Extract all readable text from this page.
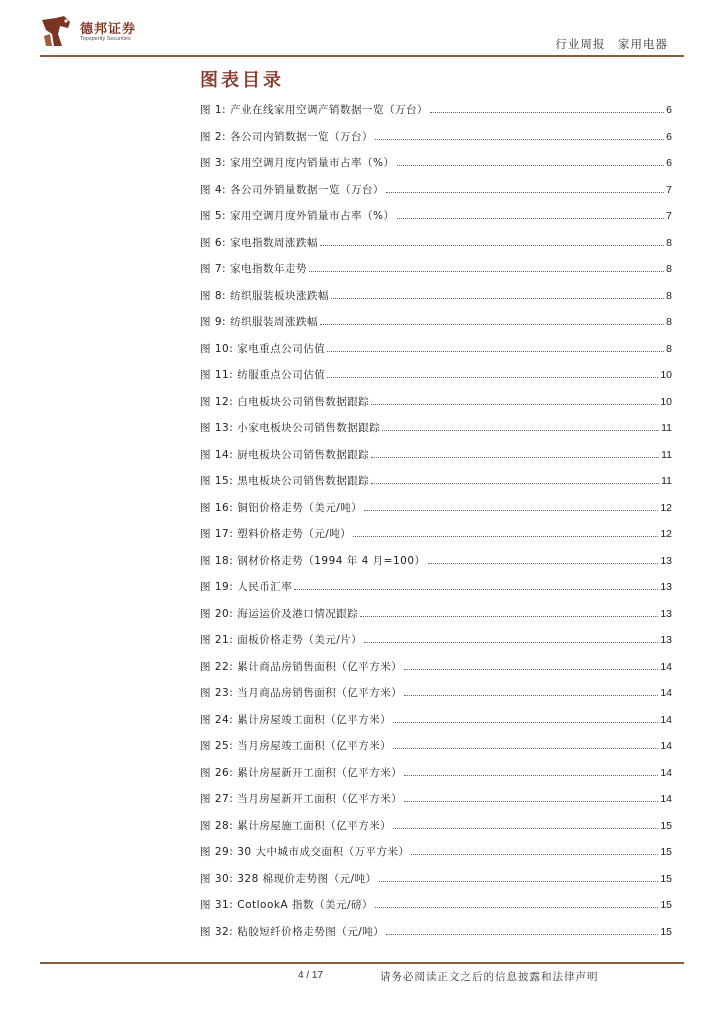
德邦证券
Topsperity Securities	行业周报 家用电器
图表目录
图 1: 产业在线家用空调产销数据一览（万台）	6
图 2: 各公司内销数据一览（万台）	6
图 3: 家用空调月度内销量市占率（%）	6
图 4: 各公司外销量数据一览（万台）	7
图 5: 家用空调月度外销量市占率（%）	7
图 6: 家电指数周涨跌幅	8
图 7: 家电指数年走势	8
图 8: 纺织服装板块涨跌幅	8
图 9: 纺织服装周涨跌幅	8
图 10: 家电重点公司估值	8
图 11: 纺服重点公司估值	10
图 12: 白电板块公司销售数据跟踪	10
图 13: 小家电板块公司销售数据跟踪	11
图 14: 厨电板块公司销售数据跟踪	11
图 15: 黑电板块公司销售数据跟踪	11
图 16: 铜铝价格走势（美元/吨）	12
图 17: 塑料价格走势（元/吨）	12
图 18: 钢材价格走势（1994 年 4 月=100）	13
图 19: 人民币汇率	13
图 20: 海运运价及港口情况跟踪	13
图 21: 面板价格走势（美元/片）	13
图 22: 累计商品房销售面积（亿平方米）	14
图 23: 当月商品房销售面积（亿平方米）	14
图 24: 累计房屋竣工面积（亿平方米）	14
图 25: 当月房屋竣工面积（亿平方米）	14
图 26: 累计房屋新开工面积（亿平方米）	14
图 27: 当月房屋新开工面积（亿平方米）	14
图 28: 累计房屋施工面积（亿平方米）	15
图 29: 30 大中城市成交面积（万平方米）	15
图 30: 328 棉现价走势图（元/吨）	15
图 31: CotlookA 指数（美元/磅）	15
图 32: 粘胶短纤价格走势图（元/吨）	15
4 / 17	请务必阅读正文之后的信息披露和法律声明
